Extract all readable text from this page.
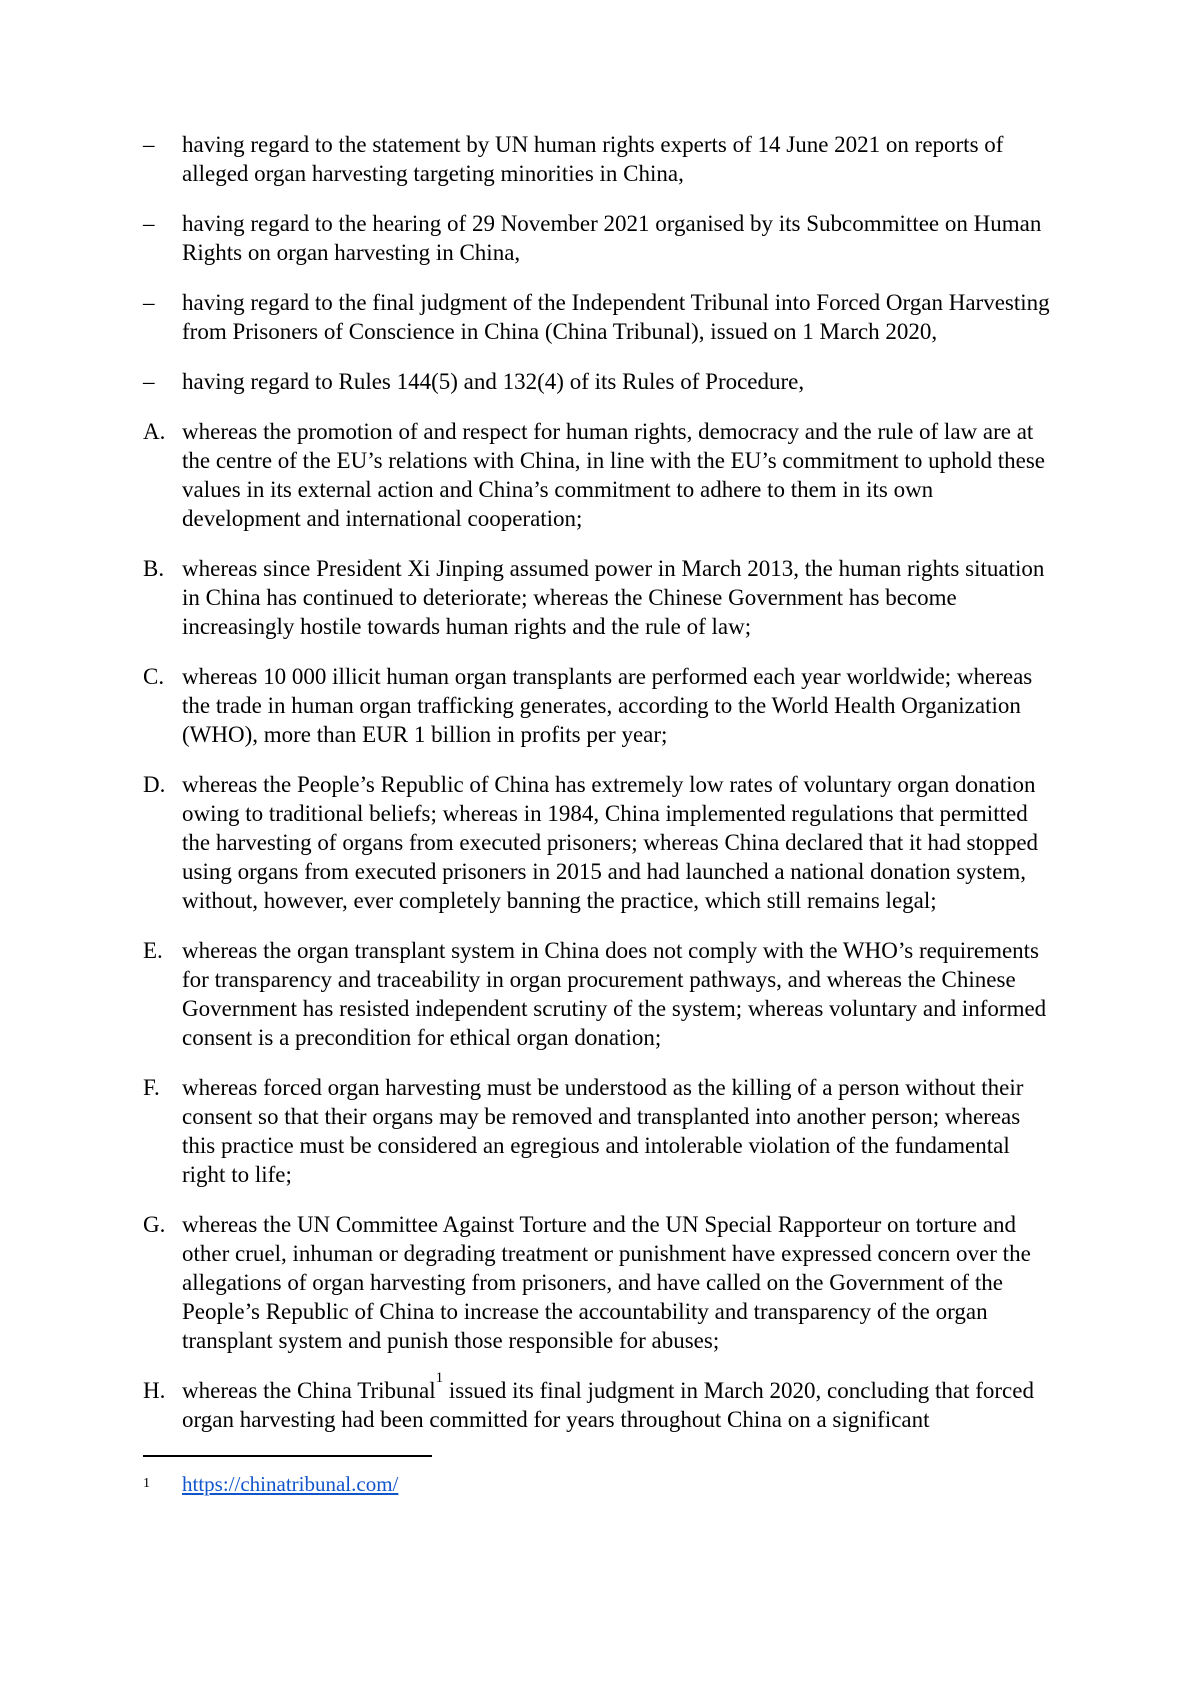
–	having regard to the statement by UN human rights experts of 14 June 2021 on reports of alleged organ harvesting targeting minorities in China,
–	having regard to the hearing of 29 November 2021 organised by its Subcommittee on Human Rights on organ harvesting in China,
–	having regard to the final judgment of the Independent Tribunal into Forced Organ Harvesting from Prisoners of Conscience in China (China Tribunal), issued on 1 March 2020,
–	having regard to Rules 144(5) and 132(4) of its Rules of Procedure,
A. whereas the promotion of and respect for human rights, democracy and the rule of law are at the centre of the EU’s relations with China, in line with the EU’s commitment to uphold these values in its external action and China’s commitment to adhere to them in its own development and international cooperation;
B. whereas since President Xi Jinping assumed power in March 2013, the human rights situation in China has continued to deteriorate; whereas the Chinese Government has become increasingly hostile towards human rights and the rule of law;
C. whereas 10 000 illicit human organ transplants are performed each year worldwide; whereas the trade in human organ trafficking generates, according to the World Health Organization (WHO), more than EUR 1 billion in profits per year;
D. whereas the People’s Republic of China has extremely low rates of voluntary organ donation owing to traditional beliefs; whereas in 1984, China implemented regulations that permitted the harvesting of organs from executed prisoners; whereas China declared that it had stopped using organs from executed prisoners in 2015 and had launched a national donation system, without, however, ever completely banning the practice, which still remains legal;
E. whereas the organ transplant system in China does not comply with the WHO’s requirements for transparency and traceability in organ procurement pathways, and whereas the Chinese Government has resisted independent scrutiny of the system; whereas voluntary and informed consent is a precondition for ethical organ donation;
F. whereas forced organ harvesting must be understood as the killing of a person without their consent so that their organs may be removed and transplanted into another person; whereas this practice must be considered an egregious and intolerable violation of the fundamental right to life;
G. whereas the UN Committee Against Torture and the UN Special Rapporteur on torture and other cruel, inhuman or degrading treatment or punishment have expressed concern over the allegations of organ harvesting from prisoners, and have called on the Government of the People’s Republic of China to increase the accountability and transparency of the organ transplant system and punish those responsible for abuses;
H. whereas the China Tribunal$^1$ issued its final judgment in March 2020, concluding that forced organ harvesting had been committed for years throughout China on a significant
1	https://chinatribunal.com/
